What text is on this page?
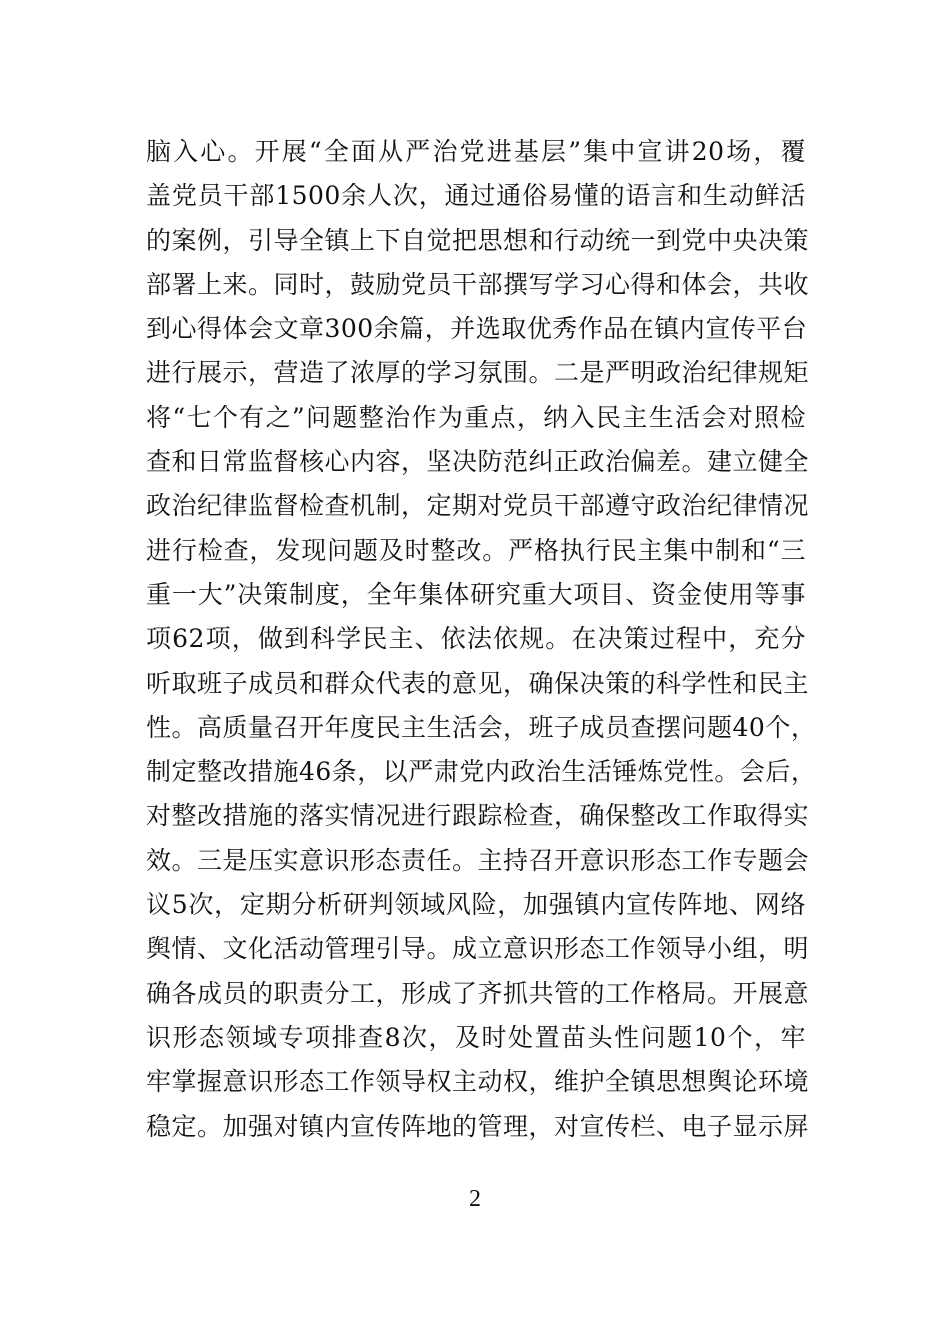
脑入心。开展“全面从严治党进基层”集中宣讲20场，覆
盖党员干部1500余人次，通过通俗易懂的语言和生动鲜活
的案例，引导全镇上下自觉把思想和行动统一到党中央决策
部署上来。同时，鼓励党员干部撰写学习心得和体会，共收
到心得体会文章300余篇，并选取优秀作品在镇内宣传平台
进行展示，营造了浓厚的学习氛围。二是严明政治纪律规矩
将“七个有之”问题整治作为重点，纳入民主生活会对照检
查和日常监督核心内容，坚决防范纠正政治偏差。建立健全
政治纪律监督检查机制，定期对党员干部遵守政治纪律情况
进行检查，发现问题及时整改。严格执行民主集中制和“三
重一大”决策制度，全年集体研究重大项目、资金使用等事
项62项，做到科学民主、依法依规。在决策过程中，充分
听取班子成员和群众代表的意见，确保决策的科学性和民主
性。高质量召开年度民主生活会，班子成员查摆问题40个，
制定整改措施46条，以严肃党内政治生活锤炼党性。会后，
对整改措施的落实情况进行跟踪检查，确保整改工作取得实
效。三是压实意识形态责任。主持召开意识形态工作专题会
议5次，定期分析研判领域风险，加强镇内宣传阵地、网络
舆情、文化活动管理引导。成立意识形态工作领导小组，明
确各成员的职责分工，形成了齐抓共管的工作格局。开展意
识形态领域专项排查8次，及时处置苗头性问题10个，牢
牢掌握意识形态工作领导权主动权，维护全镇思想舆论环境
稳定。加强对镇内宣传阵地的管理，对宣传栏、电子显示屏
2
